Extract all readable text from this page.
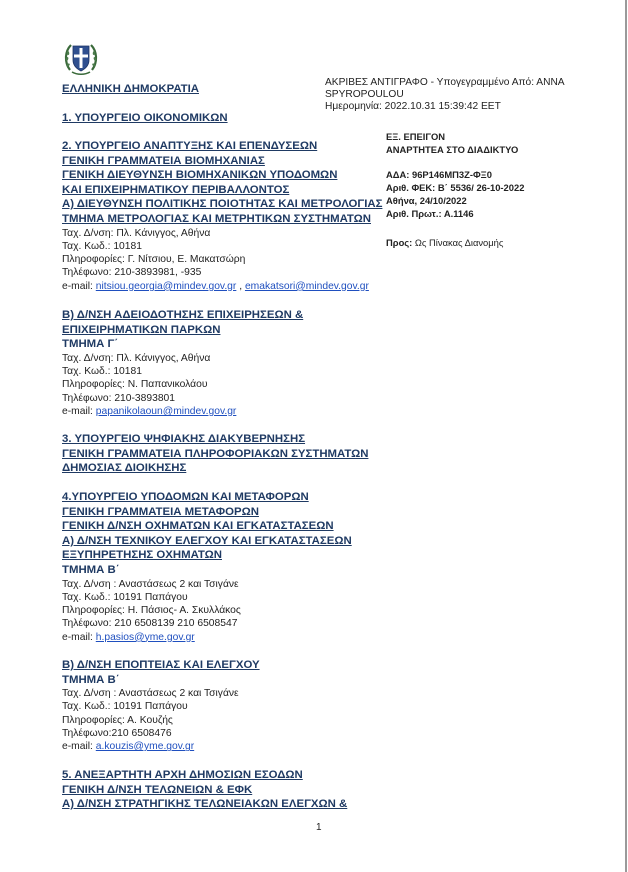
ΕΛΛΗΝΙΚΗ ΔΗΜΟΚΡΑΤΙΑ
ΑΚΡΙΒΕΣ ΑΝΤΙΓΡΑΦΟ - Υπογεγραμμένο Από: ΑΝΝΑ
SPYROPOULOU
Ημερομηνία: 2022.10.31 15:39:42 EET
1. ΥΠΟΥΡΓΕΙΟ ΟΙΚΟΝΟΜΙΚΩΝ
2. ΥΠΟΥΡΓΕΙΟ ΑΝΑΠΤΥΞΗΣ ΚΑΙ ΕΠΕΝΔΥΣΕΩΝ
ΓΕΝΙΚΗ ΓΡΑΜΜΑΤΕΙΑ ΒΙΟΜΗΧΑΝΙΑΣ
ΓΕΝΙΚΗ ΔΙΕΥΘΥΝΣΗ ΒΙΟΜΗΧΑΝΙΚΩΝ ΥΠΟΔΟΜΩΝ
ΚΑΙ ΕΠΙΧΕΙΡΗΜΑΤΙΚΟΥ ΠΕΡΙΒΑΛΛΟΝΤΟΣ
Α) ΔΙΕΥΘΥΝΣΗ ΠΟΛΙΤΙΚΗΣ ΠΟΙΟΤΗΤΑΣ ΚΑΙ ΜΕΤΡΟΛΟΓΙΑΣ
ΤΜΗΜΑ ΜΕΤΡΟΛΟΓΙΑΣ ΚΑΙ ΜΕΤΡΗΤΙΚΩΝ ΣΥΣΤΗΜΑΤΩΝ
Ταχ. Δ/νση: Πλ. Κάνιγγος, Αθήνα
Ταχ. Κωδ.: 10181
Πληροφορίες: Γ. Νίτσιου, Ε. Μακατσώρη
Τηλέφωνο: 210-3893981, -935
e-mail: nitsiou.georgia@mindev.gov.gr , emakatsori@mindev.gov.gr
Β) Δ/ΝΣΗ ΑΔΕΙΟΔΟΤΗΣΗΣ ΕΠΙΧΕΙΡΗΣΕΩΝ &
ΕΠΙΧΕΙΡΗΜΑΤΙΚΩΝ ΠΑΡΚΩΝ
ΤΜΗΜΑ Γ΄
Ταχ. Δ/νση: Πλ. Κάνιγγος, Αθήνα
Ταχ. Κωδ.: 10181
Πληροφορίες: Ν. Παπανικολάου
Τηλέφωνο: 210-3893801
e-mail: papanikolaoun@mindev.gov.gr
3. ΥΠΟΥΡΓΕΙΟ ΨΗΦΙΑΚΗΣ ΔΙΑΚΥΒΕΡΝΗΣΗΣ
ΓΕΝΙΚΗ ΓΡΑΜΜΑΤΕΙΑ ΠΛΗΡΟΦΟΡΙΑΚΩΝ ΣΥΣΤΗΜΑΤΩΝ
ΔΗΜΟΣΙΑΣ ΔΙΟΙΚΗΣΗΣ
4.ΥΠΟΥΡΓΕΙΟ ΥΠΟΔΟΜΩΝ ΚΑΙ ΜΕΤΑΦΟΡΩΝ
ΓΕΝΙΚΗ ΓΡΑΜΜΑΤΕΙΑ ΜΕΤΑΦΟΡΩΝ
ΓΕΝΙΚΗ Δ/ΝΣΗ ΟΧΗΜΑΤΩΝ ΚΑΙ ΕΓΚΑΤΑΣΤΑΣΕΩΝ
Α) Δ/ΝΣΗ ΤΕΧΝΙΚΟΥ ΕΛΕΓΧΟΥ ΚΑΙ ΕΓΚΑΤΑΣΤΑΣΕΩΝ
ΕΞΥΠΗΡΕΤΗΣΗΣ ΟΧΗΜΑΤΩΝ
ΤΜΗΜΑ Β΄
Ταχ. Δ/νση : Αναστάσεως 2 και Τσιγάνε
Ταχ. Κωδ.: 10191 Παπάγου
Πληροφορίες: Η. Πάσιος- Α. Σκυλλάκος
Τηλέφωνο: 210 6508139 210 6508547
e-mail: h.pasios@yme.gov.gr
Β) Δ/ΝΣΗ ΕΠΟΠΤΕΙΑΣ ΚΑΙ ΕΛΕΓΧΟΥ
ΤΜΗΜΑ Β΄
Ταχ. Δ/νση : Αναστάσεως 2 και Τσιγάνε
Ταχ. Κωδ.: 10191 Παπάγου
Πληροφορίες: Α. Κουζής
Τηλέφωνο:210 6508476
e-mail: a.kouzis@yme.gov.gr
5. ΑΝΕΞΑΡΤΗΤΗ ΑΡΧΗ ΔΗΜΟΣΙΩΝ ΕΣΟΔΩΝ
ΓΕΝΙΚΗ Δ/ΝΣΗ ΤΕΛΩΝΕΙΩΝ & ΕΦΚ
Α) Δ/ΝΣΗ ΣΤΡΑΤΗΓΙΚΗΣ ΤΕΛΩΝΕΙΑΚΩΝ ΕΛΕΓΧΩΝ &
ΕΞ. ΕΠΕΙΓΟΝ
ΑΝΑΡΤΗΤΕΑ ΣΤΟ ΔΙΑΔΙΚΤΥΟ
ΑΔΑ: 96Ρ146ΜΠ3Ζ-ΦΞ0
Αριθ. ΦΕΚ: Β΄ 5536/ 26-10-2022
Αθήνα, 24/10/2022
Αριθ. Πρωτ.: Α.1146
Προς: Ως Πίνακας Διανομής
1
